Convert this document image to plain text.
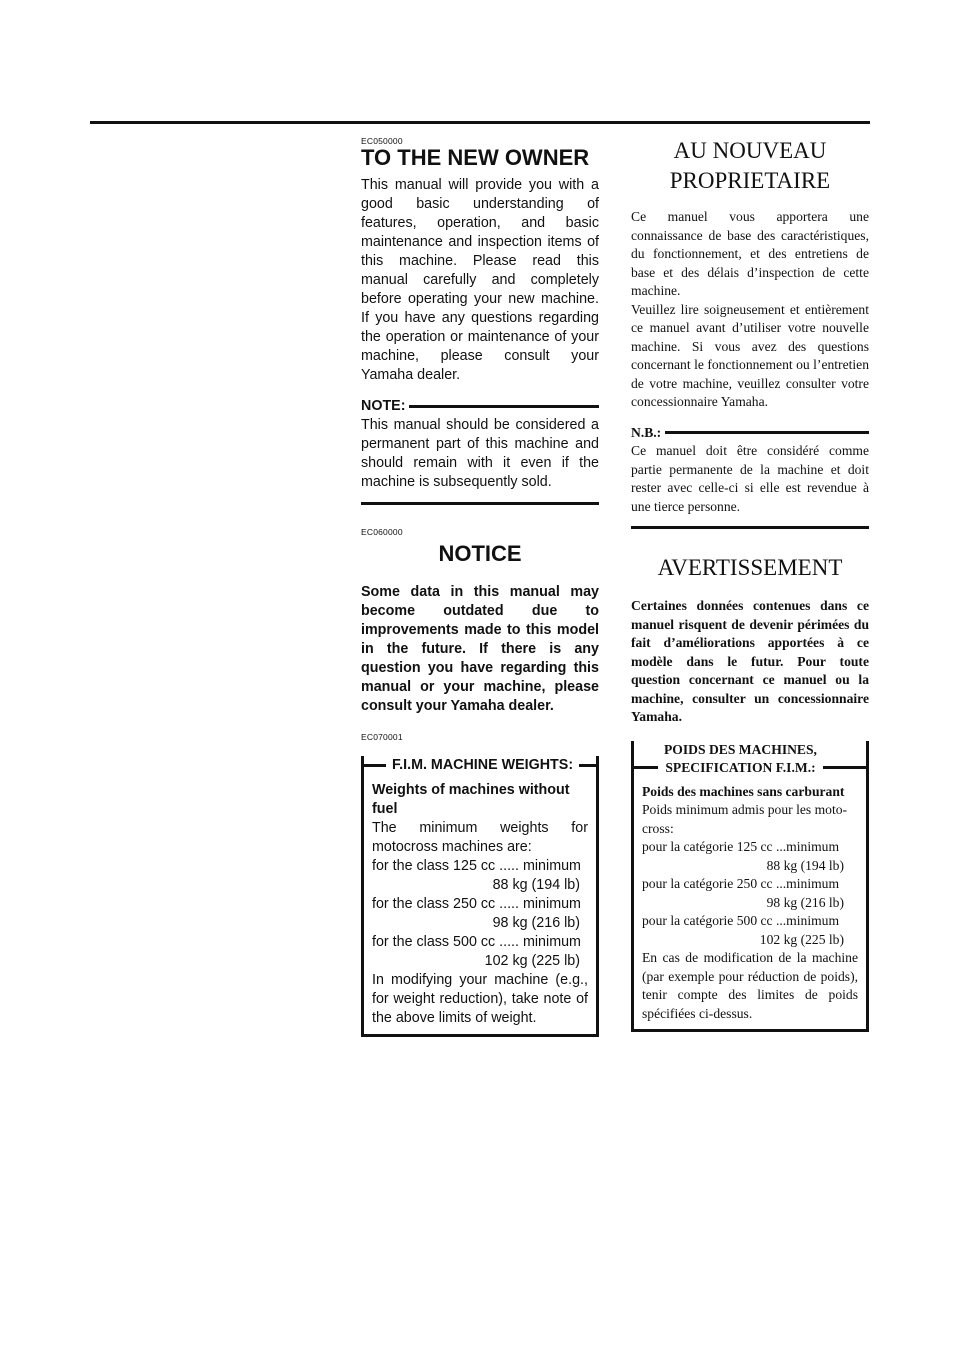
EC050000
TO THE NEW OWNER

This manual will provide you with a good basic understanding of features, operation, and basic maintenance and inspection items of this machine. Please read this manual carefully and completely before operating your new machine. If you have any questions regarding the operation or maintenance of your machine, please consult your Yamaha dealer.

NOTE:

This manual should be considered a permanent part of this machine and should remain with it even if the machine is subsequently sold.

EC060000
NOTICE

Some data in this manual may become outdated due to improvements made to this model in the future. If there is any question you have regarding this manual or your machine, please consult your Yamaha dealer.

EC070001
F.I.M. MACHINE WEIGHTS:
Weights of machines without fuel
The minimum weights for motocross machines are:
for the class 125 cc ..... minimum
88 kg (194 lb)
for the class 250 cc ..... minimum
98 kg (216 lb)
for the class 500 cc ..... minimum
102 kg (225 lb)
In modifying your machine (e.g., for weight reduction), take note of the above limits of weight.
AU NOUVEAU
PROPRIETAIRE

Ce manuel vous apportera une connaissance de base des caractéristiques, du fonctionnement, et des entretiens de base et des délais d’inspection de cette machine.

Veuillez lire soigneusement et entièrement ce manuel avant d’utiliser votre nouvelle machine. Si vous avez des questions concernant le fonctionnement ou l’entretien de votre machine, veuillez consulter votre concessionnaire Yamaha.

N.B.:

Ce manuel doit être considéré comme partie permanente de la machine et doit rester avec celle-ci si elle est revendue à une tierce personne.

AVERTISSEMENT

Certaines données contenues dans ce manuel risquent de devenir périmées du fait d’améliorations apportées à ce modèle dans le futur. Pour toute question concernant ce manuel ou la machine, consulter un concessionnaire Yamaha.

POIDS DES MACHINES,
SPECIFICATION F.I.M.:
Poids des machines sans carburant
Poids minimum admis pour les moto-cross:
pour la catégorie 125 cc ...minimum
88 kg (194 lb)
pour la catégorie 250 cc ...minimum
98 kg (216 lb)
pour la catégorie 500 cc ...minimum
102 kg (225 lb)
En cas de modification de la machine (par exemple pour réduction de poids), tenir compte des limites de poids spécifiées ci-dessus.
